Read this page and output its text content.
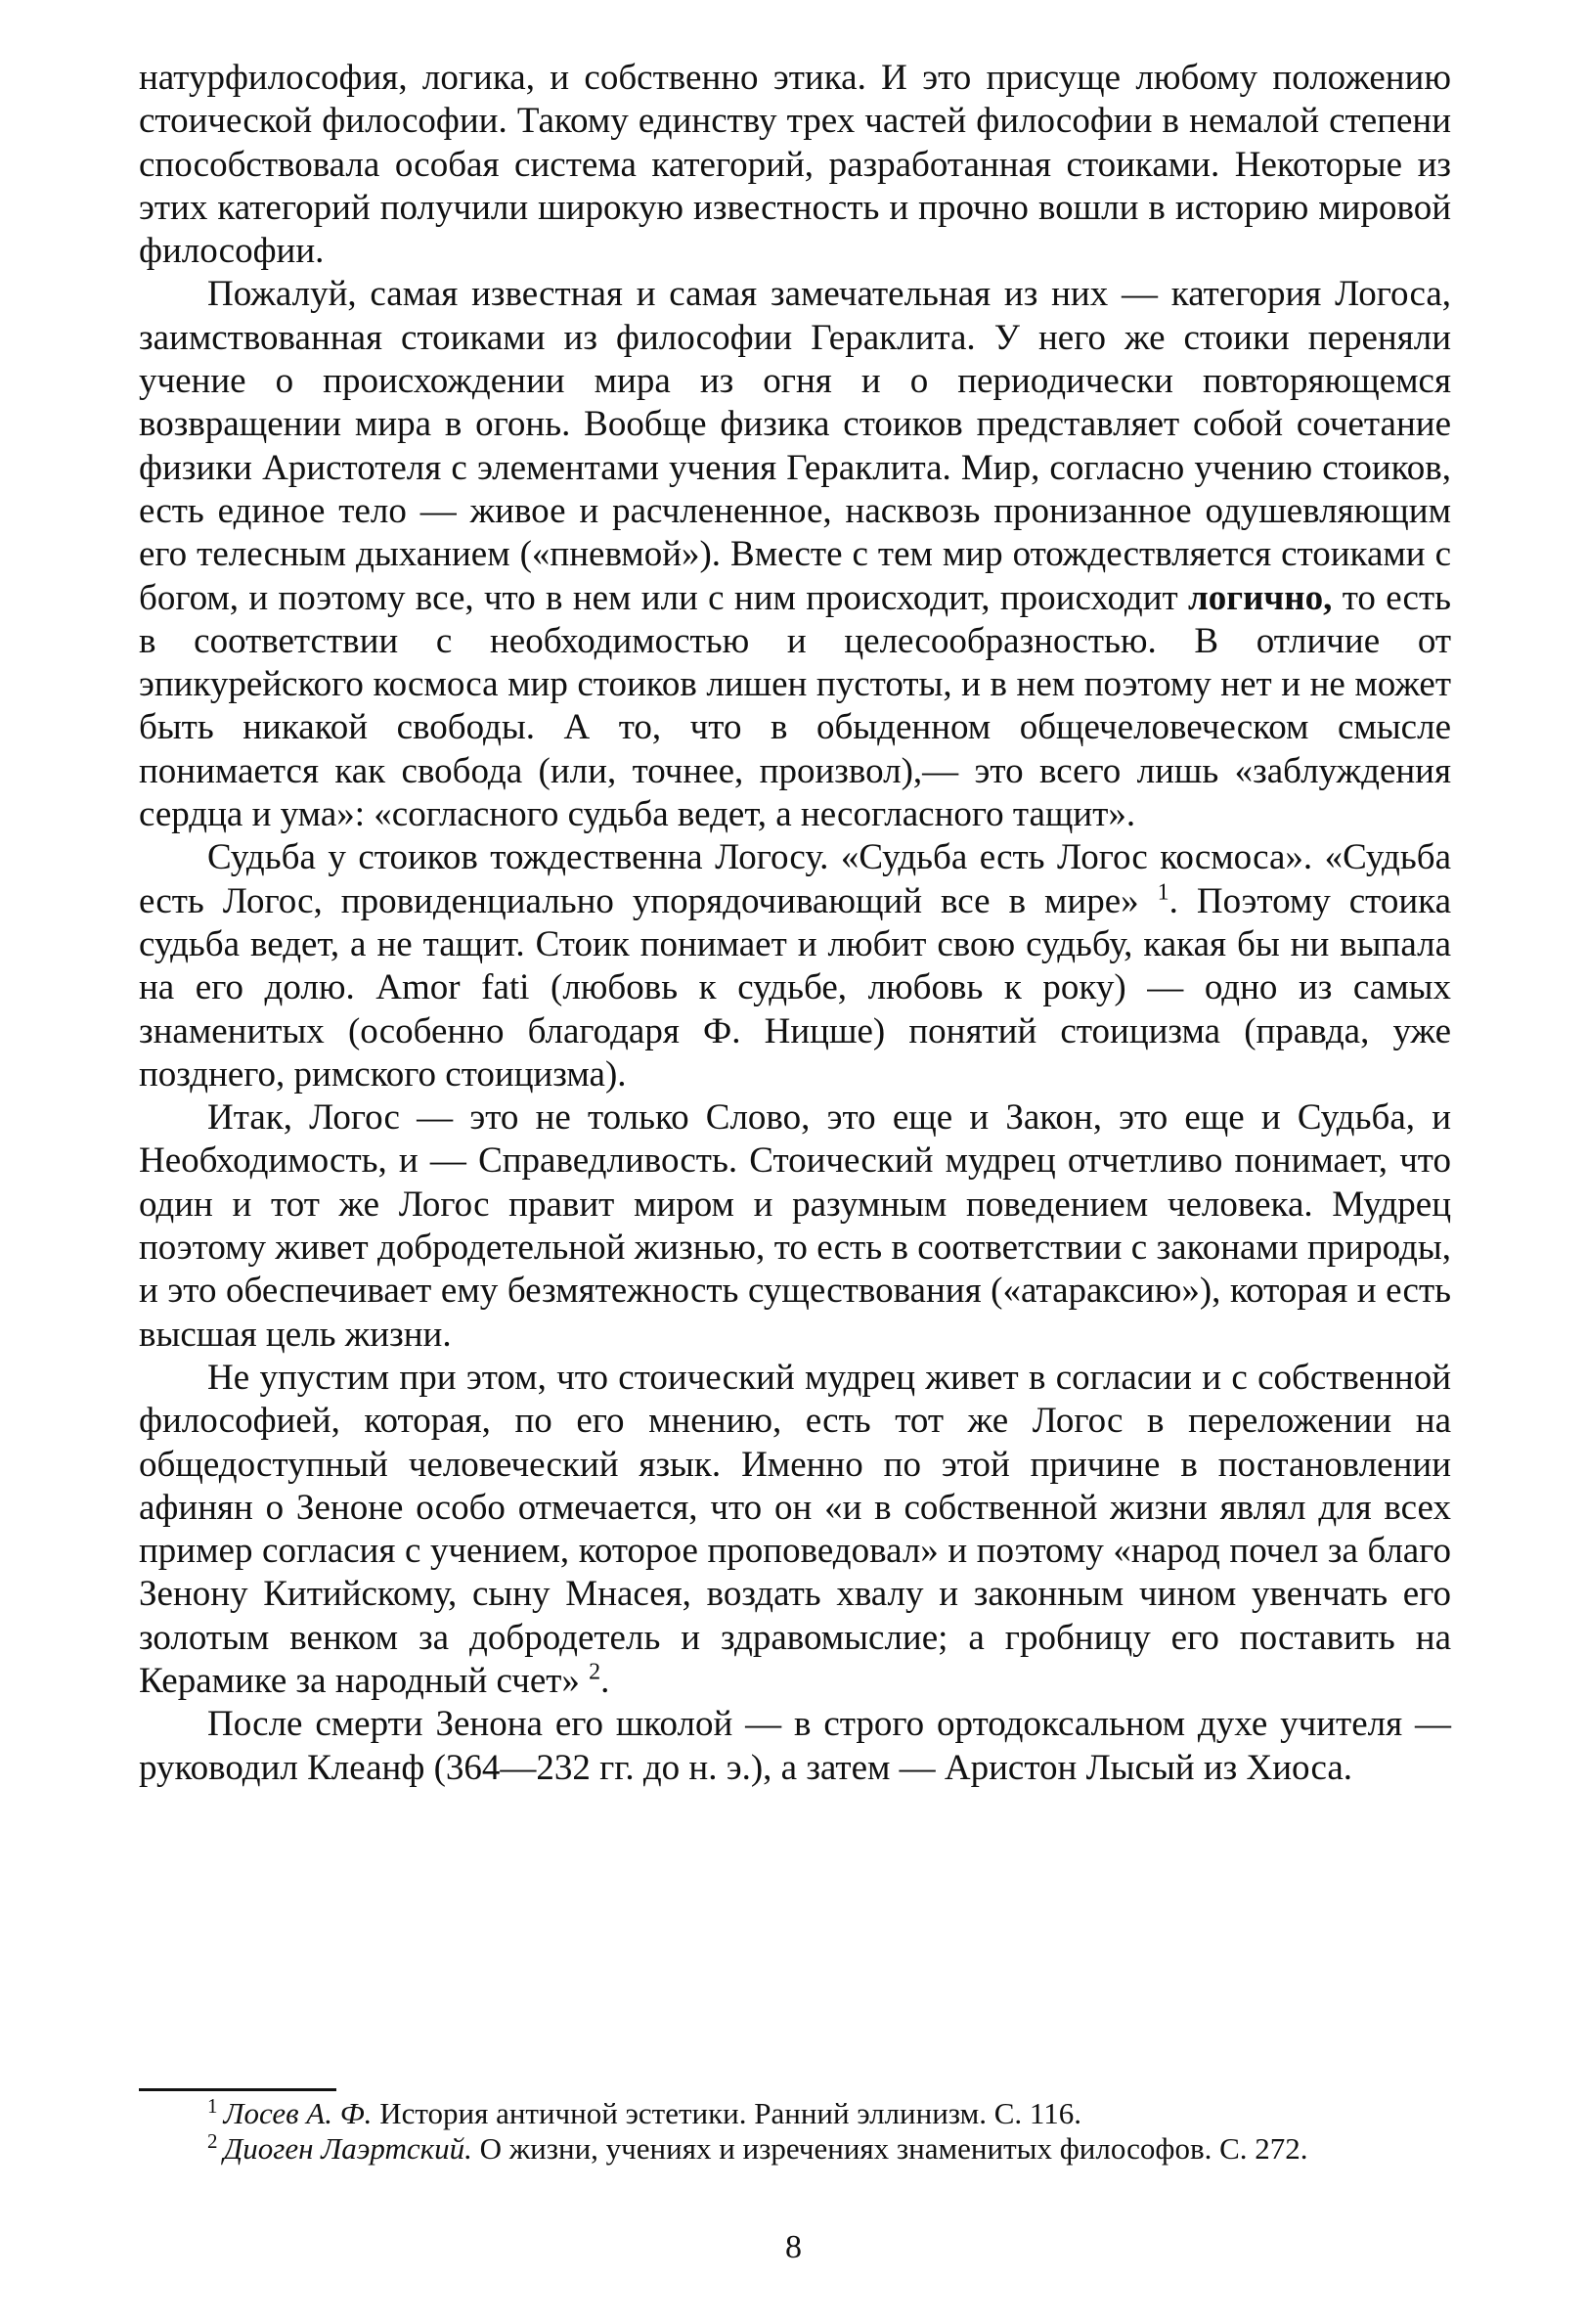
натурфилософия, логика, и собственно этика. И это присуще любому положению стоической философии. Такому единству трех частей философии в немалой степени способствовала особая система категорий, разработанная стоиками. Некоторые из этих категорий получили широкую известность и прочно вошли в историю мировой философии.

Пожалуй, самая известная и самая замечательная из них — категория Логоса, заимствованная стоиками из философии Гераклита. У него же стоики переняли учение о происхождении мира из огня и о периодически повторяющемся возвращении мира в огонь. Вообще физика стоиков представляет собой сочетание физики Аристотеля с элементами учения Гераклита. Мир, согласно учению стоиков, есть единое тело — живое и расчлененное, насквозь пронизанное одушевляющим его телесным дыханием («пневмой»). Вместе с тем мир отождествляется стоиками с богом, и поэтому все, что в нем или с ним происходит, происходит логично, то есть в соответствии с необходимостью и целесообразностью. В отличие от эпикурейского космоса мир стоиков лишен пустоты, и в нем поэтому нет и не может быть никакой свободы. А то, что в обыденном общечеловеческом смысле понимается как свобода (или, точнее, произвол),— это всего лишь «заблуждения сердца и ума»: «согласного судьба ведет, а несогласного тащит».

Судьба у стоиков тождественна Логосу. «Судьба есть Логос космоса». «Судьба есть Логос, провиденциально упорядочивающий все в мире» $^1$. Поэтому стоика судьба ведет, а не тащит. Стоик понимает и любит свою судьбу, какая бы ни выпала на его долю. Amor fati (любовь к судьбе, любовь к року) — одно из самых знаменитых (особенно благодаря Ф. Ницше) понятий стоицизма (правда, уже позднего, римского стоицизма).

Итак, Логос — это не только Слово, это еще и Закон, это еще и Судьба, и Необходимость, и — Справедливость. Стоический мудрец отчетливо понимает, что один и тот же Логос правит миром и разумным поведением человека. Мудрец поэтому живет добродетельной жизнью, то есть в соответствии с законами природы, и это обеспечивает ему безмятежность существования («атараксию»), которая и есть высшая цель жизни.

Не упустим при этом, что стоический мудрец живет в согласии и с собственной философией, которая, по его мнению, есть тот же Логос в переложении на общедоступный человеческий язык. Именно по этой причине в постановлении афинян о Зеноне особо отмечается, что он «и в собственной жизни являл для всех пример согласия с учением, которое проповедовал» и поэтому «народ почел за благо Зенону Китийскому, сыну Мнасея, воздать хвалу и законным чином увенчать его золотым венком за добродетель и здравомыслие; а гробницу его поставить на Керамике за народный счет» $^2$.

После смерти Зенона его школой — в строго ортодоксальном духе учителя — руководил Клеанф (364—232 гг. до н. э.), а затем — Аристон Лысый из Хиоса.

$^1$ Лосев А. Ф. История античной эстетики. Ранний эллинизм. С. 116.

$^2$ Диоген Лаэртский. О жизни, учениях и изречениях знаменитых философов. С. 272.

8
